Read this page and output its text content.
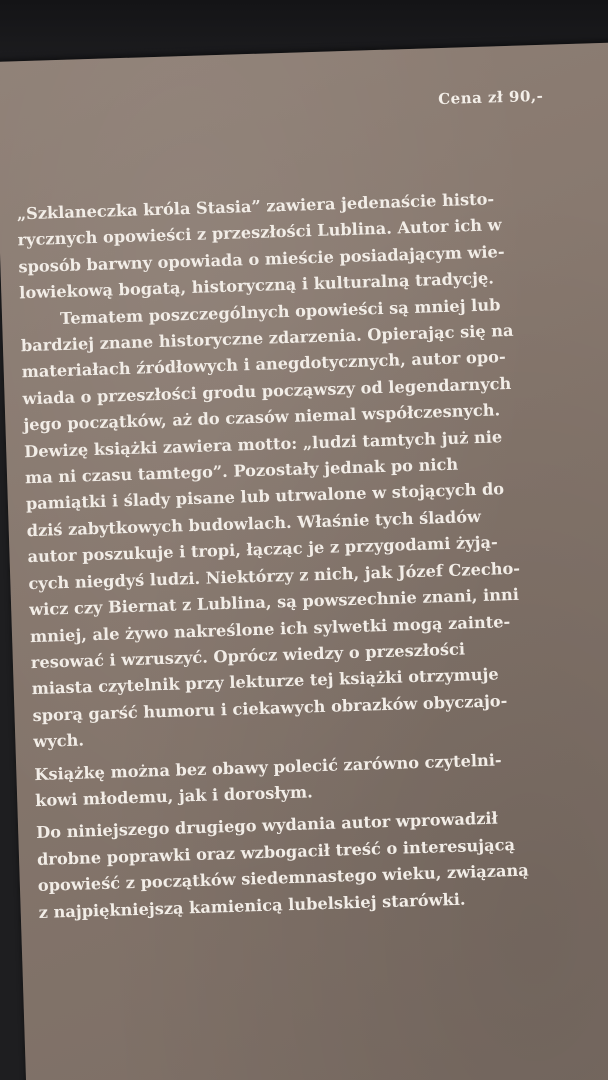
Cena zł 90,-
„Szklaneczka króla Stasia” zawiera jedenaście histo-
rycznych opowieści z przeszłości Lublina. Autor ich w
sposób barwny opowiada o mieście posiadającym wie-
lowiekową bogatą, historyczną i kulturalną tradycję.
Tematem poszczególnych opowieści są mniej lub
bardziej znane historyczne zdarzenia. Opierając się na
materiałach źródłowych i anegdotycznych, autor opo-
wiada o przeszłości grodu począwszy od legendarnych
jego początków, aż do czasów niemal współczesnych.
Dewizę książki zawiera motto: „ludzi tamtych już nie
ma ni czasu tamtego”. Pozostały jednak po nich
pamiątki i ślady pisane lub utrwalone w stojących do
dziś zabytkowych budowlach. Właśnie tych śladów
autor poszukuje i tropi, łącząc je z przygodami żyją-
cych niegdyś ludzi. Niektórzy z nich, jak Józef Czecho-
wicz czy Biernat z Lublina, są powszechnie znani, inni
mniej, ale żywo nakreślone ich sylwetki mogą zainte-
resować i wzruszyć. Oprócz wiedzy o przeszłości
miasta czytelnik przy lekturze tej książki otrzymuje
sporą garść humoru i ciekawych obrazków obyczajo-
wych.
Książkę można bez obawy polecić zarówno czytelni-
kowi młodemu, jak i dorosłym.
Do niniejszego drugiego wydania autor wprowadził
drobne poprawki oraz wzbogacił treść o interesującą
opowieść z początków siedemnastego wieku, związaną
z najpiękniejszą kamienicą lubelskiej starówki.
